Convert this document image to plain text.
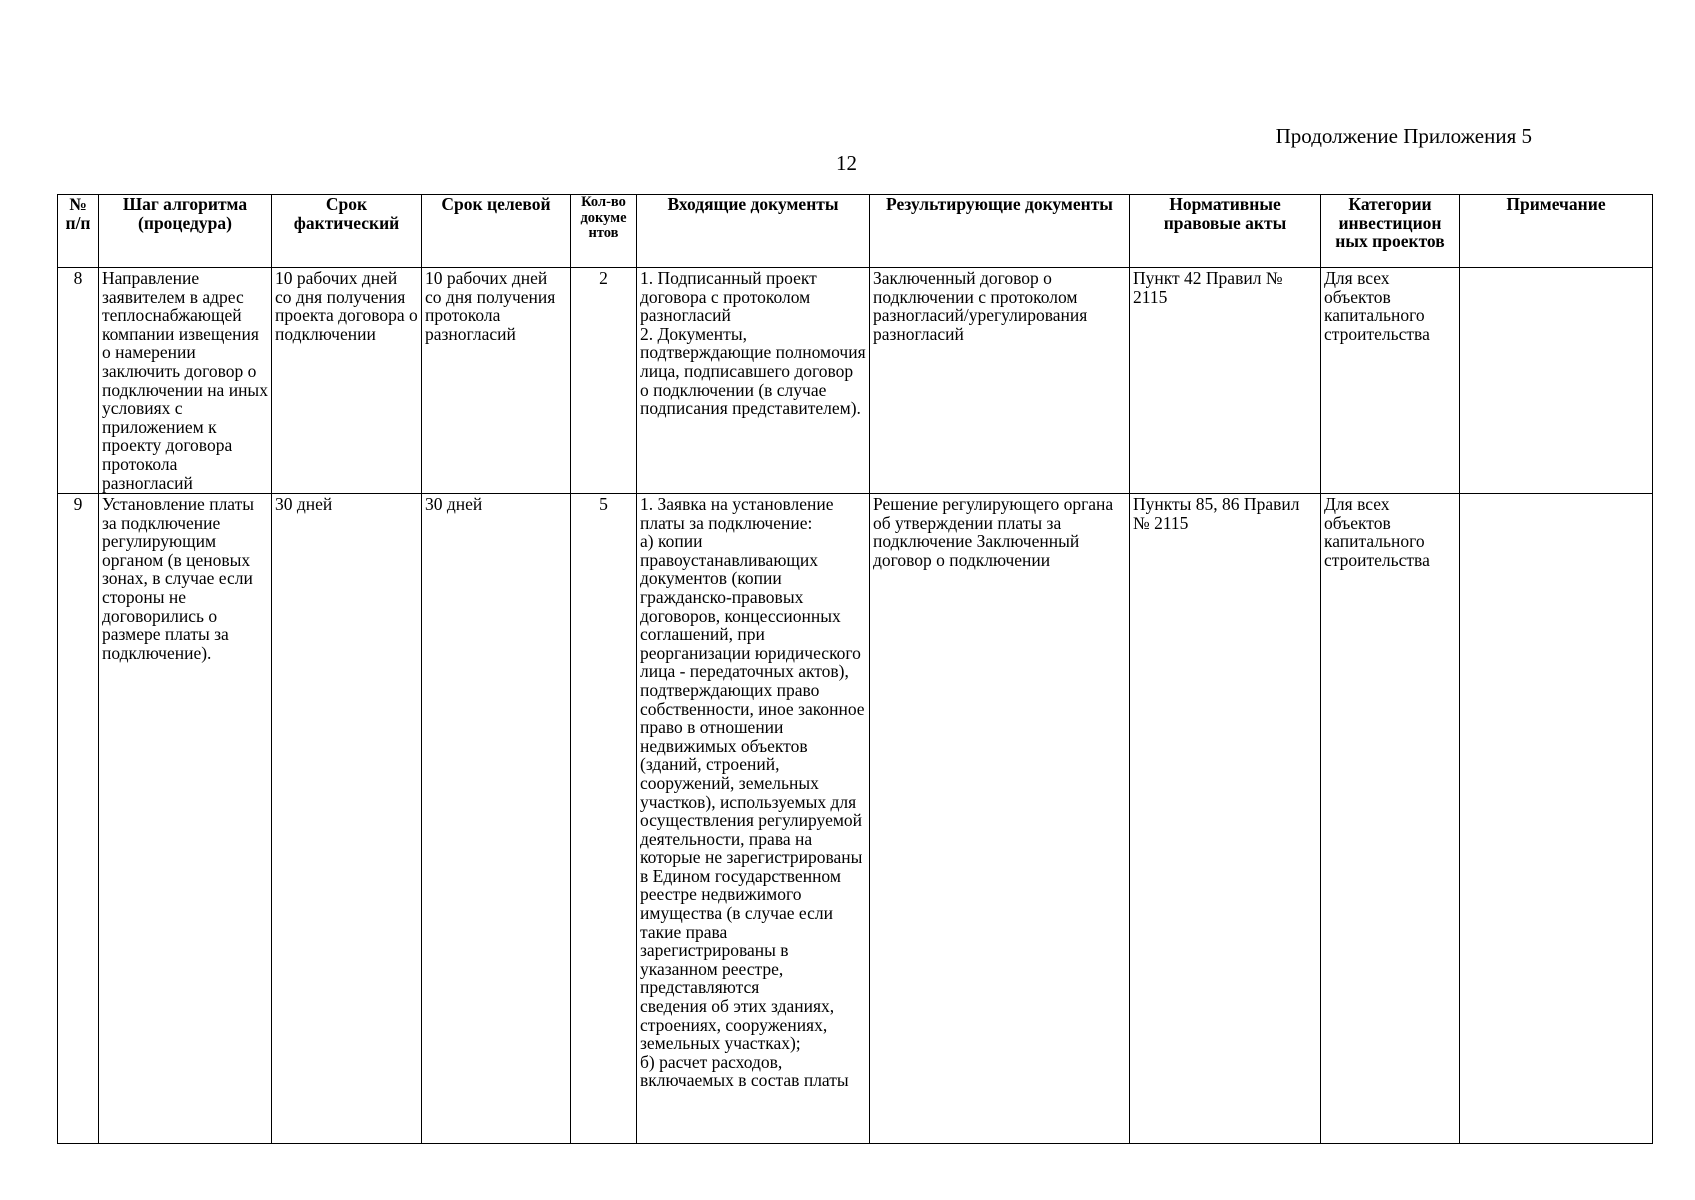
Продолжение Приложения 5
12
№ п/п	Шаг алгоритма (процедура)	Срок фактический	Срок целевой	Кол-во докуме нтов	Входящие документы	Результирующие документы	Нормативные правовые акты	Категории инвестицион ных проектов	Примечание
8	Направление заявителем в адрес теплоснабжающей компании извещения о намерении заключить договор о подключении на иных условиях с приложением к проекту договора протокола разногласий	10 рабочих дней со дня получения проекта договора о подключении	10 рабочих дней со дня получения протокола разногласий	2	1. Подписанный проект договора с протоколом разногласий
2. Документы, подтверждающие полномочия лица, подписавшего договор о подключении (в случае подписания представителем).	Заключенный договор о подключении с протоколом разногласий/урегулирования разногласий	Пункт 42 Правил № 2115	Для всех объектов капитального строительства	
9	Установление платы за подключение регулирующим органом (в ценовых зонах, в случае если стороны не договорились о размере платы за подключение).	30 дней	30 дней	5	1. Заявка на установление платы за подключение:
а) копии правоустанавливающих документов (копии гражданско-правовых договоров, концессионных соглашений, при реорганизации юридического лица - передаточных актов), подтверждающих право собственности, иное законное право в отношении недвижимых объектов (зданий, строений, сооружений, земельных участков), используемых для осуществления регулируемой деятельности, права на которые не зарегистрированы в Едином государственном реестре недвижимого имущества (в случае если такие права зарегистрированы в указанном реестре, представляются
сведения об этих зданиях, строениях, сооружениях, земельных участках);
б) расчет расходов, включаемых в состав платы	Решение регулирующего органа об утверждении платы за подключение Заключенный договор о подключении	Пункты 85, 86 Правил № 2115	Для всех объектов капитального строительства	
